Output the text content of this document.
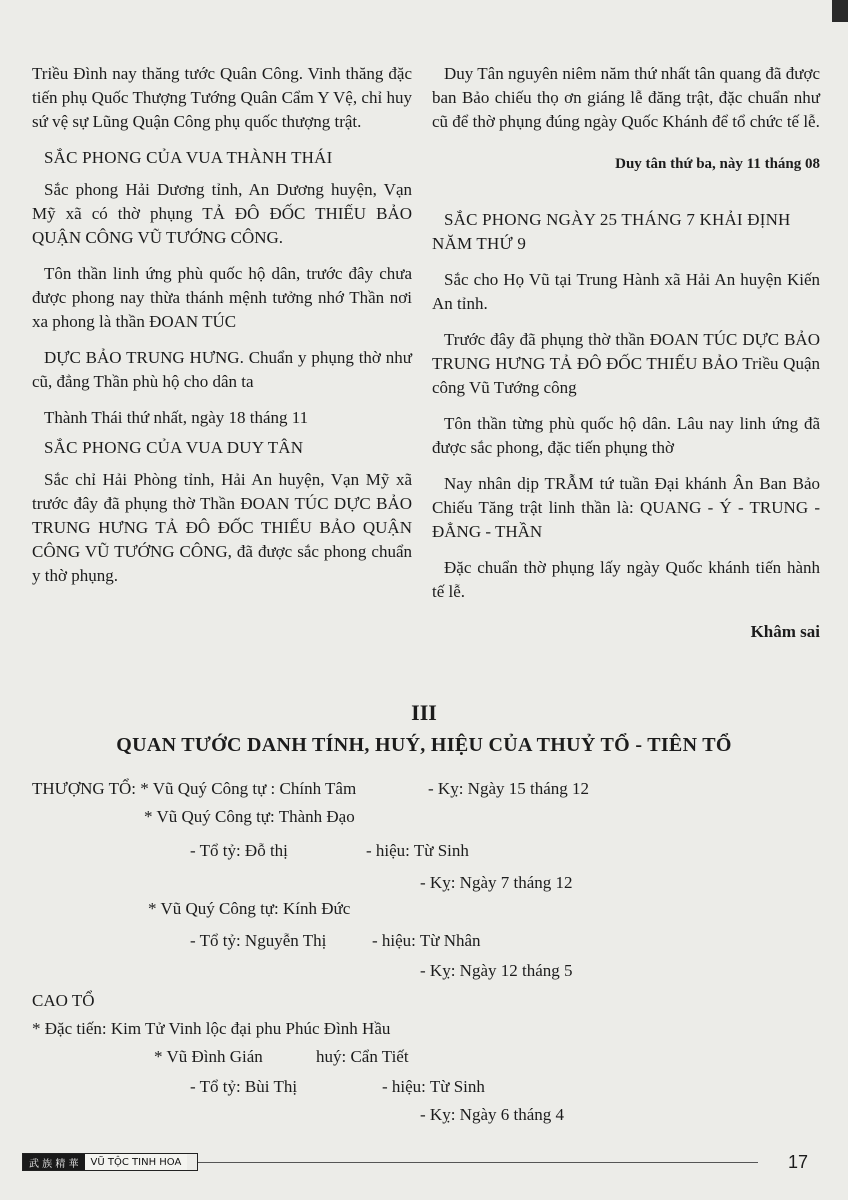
Triều Đình nay thăng tước Quân Công. Vinh thăng đặc tiến phụ Quốc Thượng Tướng Quân Cẩm Y Vệ, chỉ huy sứ vệ sự Lũng Quận Công phụ quốc thượng trật.

SẮC PHONG CỦA VUA THÀNH THÁI

Sắc phong Hải Dương tỉnh, An Dương huyện, Vạn Mỹ xã có thờ phụng TẢ ĐÔ ĐỐC THIẾU BẢO QUẬN CÔNG VŨ TƯỚNG CÔNG.

Tôn thần linh ứng phù quốc hộ dân, trước đây chưa được phong nay thừa thánh mệnh tưởng nhớ Thần nơi xa phong là thần ĐOAN TÚC

DỰC BẢO TRUNG HƯNG. Chuẩn y phụng thờ như cũ, đẳng Thần phù hộ cho dân ta

Thành Thái thứ nhất, ngày 18 tháng 11

SẮC PHONG CỦA VUA DUY TÂN

Sắc chỉ Hải Phòng tỉnh, Hải An huyện, Vạn Mỹ xã trước đây đã phụng thờ Thần ĐOAN TÚC DỰC BẢO TRUNG HƯNG TẢ ĐÔ ĐỐC THIẾU BẢO QUẬN CÔNG VŨ TƯỚNG CÔNG, đã được sắc phong chuẩn y thờ phụng.

Duy Tân nguyên niêm năm thứ nhất tân quang đã được ban Bảo chiếu thọ ơn giáng lễ đăng trật, đặc chuẩn như cũ để thờ phụng đúng ngày Quốc Khánh để tổ chức tế lễ.

Duy tân thứ ba, này 11 tháng 08

SẮC PHONG NGÀY 25 THÁNG 7 KHẢI ĐỊNH NĂM THỨ 9

Sắc cho Họ Vũ tại Trung Hành xã Hải An huyện Kiến An tỉnh.

Trước đây đã phụng thờ thần ĐOAN TÚC DỰC BẢO TRUNG HƯNG TẢ ĐÔ ĐỐC THIẾU BẢO Triều Quận công Vũ Tướng công

Tôn thần từng phù quốc hộ dân. Lâu nay linh ứng đã được sắc phong, đặc tiến phụng thờ

Nay nhân dịp TRẪM tứ tuần Đại khánh Ân Ban Bảo Chiếu Tăng trật linh thần là: QUANG - Ý - TRUNG - ĐẲNG - THẦN

Đặc chuẩn thờ phụng lấy ngày Quốc khánh tiến hành tế lễ.

Khâm sai

III
QUAN TƯỚC DANH TÍNH, HUÝ, HIỆU CỦA THUỶ TỔ - TIÊN TỔ
THƯỢNG TỔ: * Vũ Quý Công tự : Chính Tâm	- Kỵ: Ngày 15 tháng 12
* Vũ Quý Công tự: Thành Đạo
- Tổ tỷ: Đỗ thị	- hiệu: Từ Sinh
- Kỵ: Ngày 7 tháng 12
* Vũ Quý Công tự: Kính Đức
- Tổ tỷ: Nguyễn Thị	- hiệu: Từ Nhân
- Kỵ: Ngày 12 tháng 5
CAO TỔ
* Đặc tiến: Kim Tử Vinh lộc đại phu Phúc Đình Hầu
* Vũ Đình Gián	huý: Cẩn Tiết
- Tổ tỷ: Bùi Thị	- hiệu: Từ Sinh
- Kỵ: Ngày 6 tháng 4
武 族 精 華	VŨ TỘC TINH HOA	17
